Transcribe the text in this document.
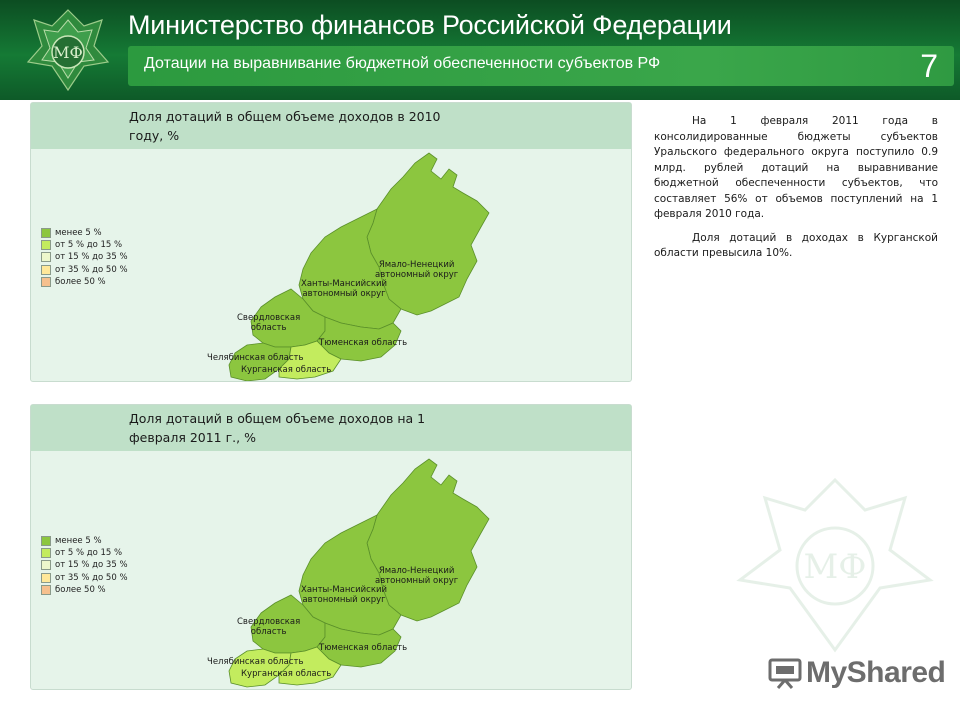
МФ
Министерство финансов Российской Федерации
Дотации на выравнивание бюджетной обеспеченности субъектов РФ	7
Доля дотаций в общем объеме доходов в 2010 году, %
менее 5 %
от 5 % до 15 %
от 15 % до 35 %
от 35 % до 50 %
более 50 %
Ямало-Ненецкий
автономный округ
Ханты-Мансийский
автономный округ
Свердловская
область
Тюменская область
Челябинская область
Курганская область
Доля дотаций в общем объеме доходов на 1 февраля 2011 г., %
менее 5 %
от 5 % до 15 %
от 15 % до 35 %
от 35 % до 50 %
более 50 %
Ямало-Ненецкий
автономный округ
Ханты-Мансийский
автономный округ
Свердловская
область
Тюменская область
Челябинская область
Курганская область

На 1 февраля 2011 года в консолидированные бюджеты субъектов Уральского федерального округа поступило 0.9 млрд. рублей дотаций на выравнивание бюджетной обеспеченности субъектов, что составляет 56% от объемов поступлений на 1 февраля 2010 года.

Доля дотаций в доходах в Курганской области превысила 10%.

МФ
MyShared
